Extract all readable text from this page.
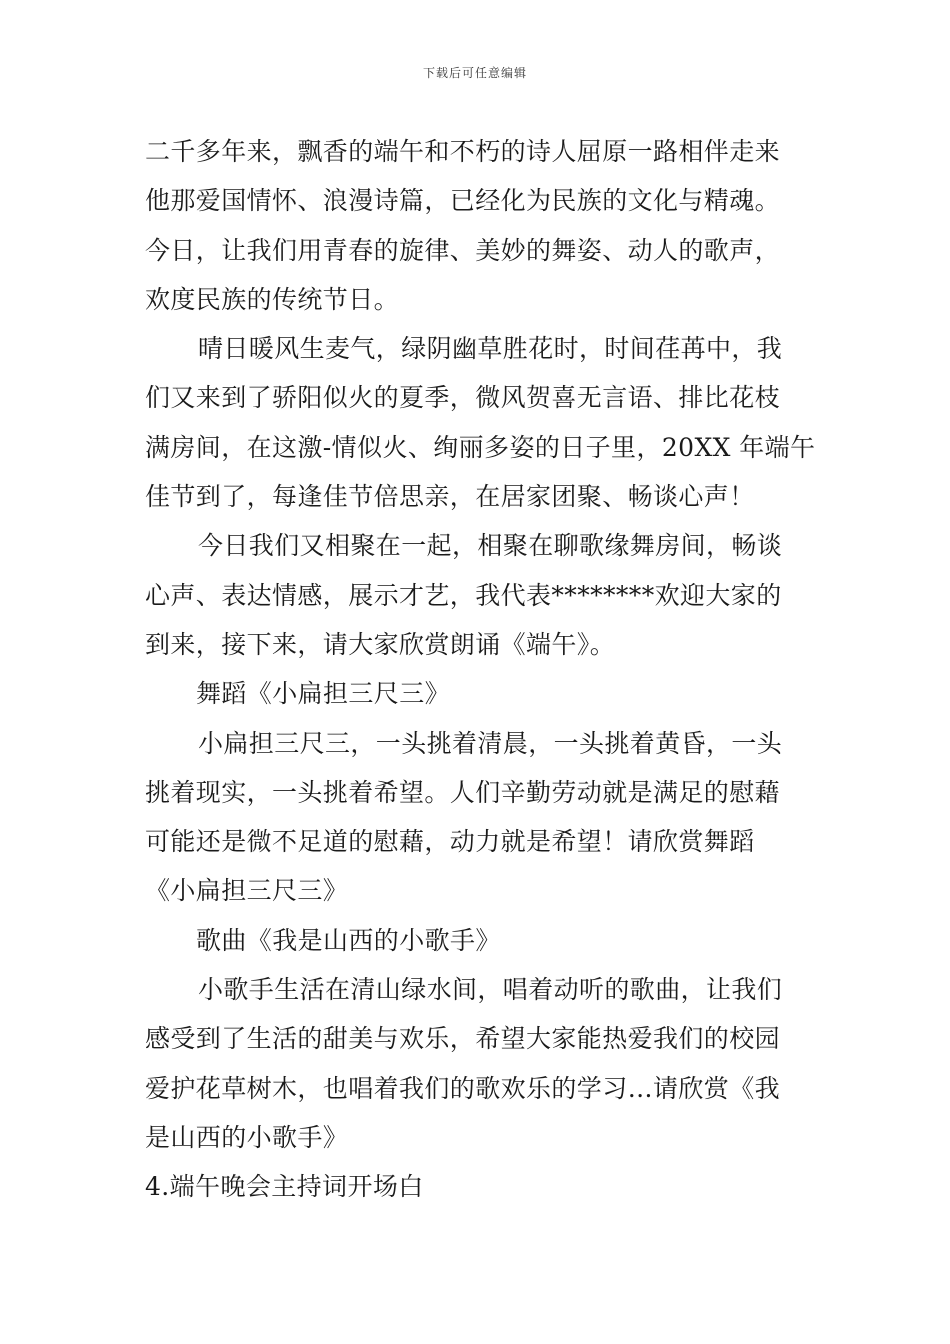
下载后可任意编辑
二千多年来，飘香的端午和不朽的诗人屈原一路相伴走来
他那爱国情怀、浪漫诗篇，已经化为民族的文化与精魂。
今日，让我们用青春的旋律、美妙的舞姿、动人的歌声，
欢度民族的传统节日。
晴日暖风生麦气，绿阴幽草胜花时，时间荏苒中，我
们又来到了骄阳似火的夏季，微风贺喜无言语、排比花枝
满房间，在这激-情似火、绚丽多姿的日子里，20XX 年端午
佳节到了，每逢佳节倍思亲，在居家团聚、畅谈心声！
今日我们又相聚在一起，相聚在聊歌缘舞房间，畅谈
心声、表达情感，展示才艺，我代表********欢迎大家的
到来，接下来，请大家欣赏朗诵《端午》。
舞蹈《小扁担三尺三》
小扁担三尺三，一头挑着清晨，一头挑着黄昏，一头
挑着现实，一头挑着希望。人们辛勤劳动就是满足的慰藉
可能还是微不足道的慰藉，动力就是希望！请欣赏舞蹈
《小扁担三尺三》
歌曲《我是山西的小歌手》
小歌手生活在清山绿水间，唱着动听的歌曲，让我们
感受到了生活的甜美与欢乐，希望大家能热爱我们的校园
爱护花草树木，也唱着我们的歌欢乐的学习…请欣赏《我
是山西的小歌手》
4.端午晚会主持词开场白
